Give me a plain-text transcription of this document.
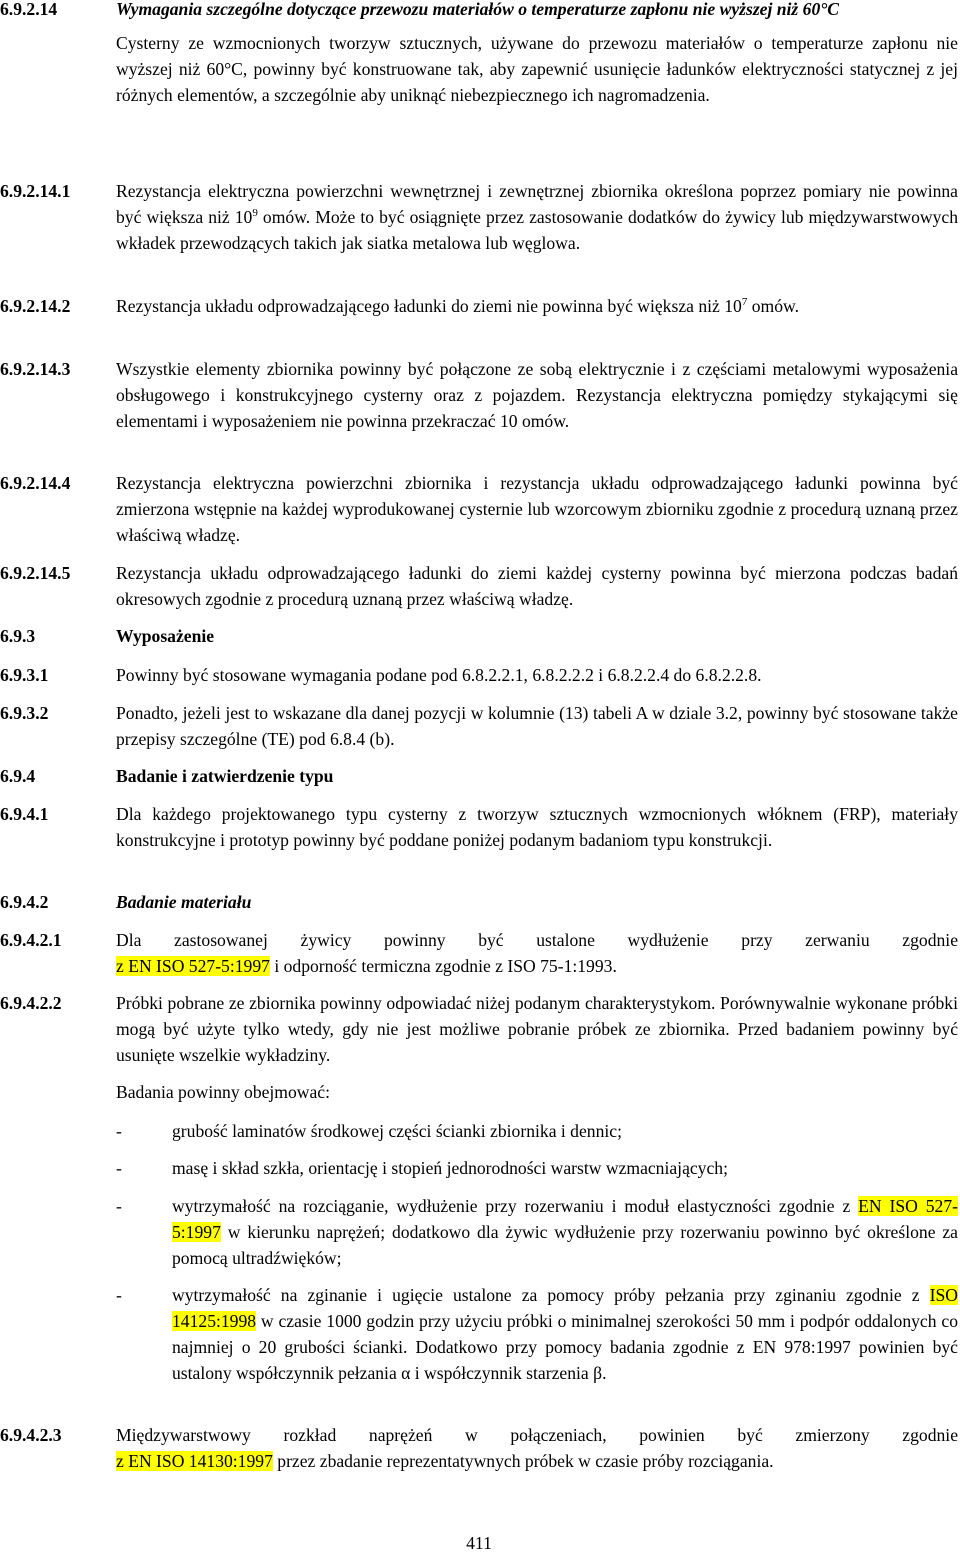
6.9.2.14	Wymagania szczególne dotyczące przewozu materiałów o temperaturze zapłonu nie wyższej niż 60°C
Cysterny ze wzmocnionych tworzyw sztucznych, używane do przewozu materiałów o temperaturze zapłonu nie wyższej niż 60°C, powinny być konstruowane tak, aby zapewnić usunięcie ładunków elektryczności statycznej z jej różnych elementów, a szczególnie aby uniknąć niebezpiecznego ich nagromadzenia.
6.9.2.14.1	Rezystancja elektryczna powierzchni wewnętrznej i zewnętrznej zbiornika określona poprzez pomiary nie powinna być większa niż $10^9$ omów. Może to być osiągnięte przez zastosowanie dodatków do żywicy lub międzywarstwowych wkładek przewodzących takich jak siatka metalowa lub węglowa.
6.9.2.14.2	Rezystancja układu odprowadzającego ładunki do ziemi nie powinna być większa niż $10^7$ omów.
6.9.2.14.3	Wszystkie elementy zbiornika powinny być połączone ze sobą elektrycznie i z częściami metalowymi wyposażenia obsługowego i konstrukcyjnego cysterny oraz z pojazdem. Rezystancja elektryczna pomiędzy stykającymi się elementami i wyposażeniem nie powinna przekraczać 10 omów.
6.9.2.14.4	Rezystancja elektryczna powierzchni zbiornika i rezystancja układu odprowadzającego ładunki powinna być zmierzona wstępnie na każdej wyprodukowanej cysternie lub wzorcowym zbiorniku zgodnie z procedurą uznaną przez właściwą władzę.
6.9.2.14.5	Rezystancja układu odprowadzającego ładunki do ziemi każdej cysterny powinna być mierzona podczas badań okresowych zgodnie z procedurą uznaną przez właściwą władzę.
6.9.3	Wyposażenie
6.9.3.1	Powinny być stosowane wymagania podane pod 6.8.2.2.1, 6.8.2.2.2 i 6.8.2.2.4 do 6.8.2.2.8.
6.9.3.2	Ponadto, jeżeli jest to wskazane dla danej pozycji w kolumnie (13) tabeli A w dziale 3.2, powinny być stosowane także przepisy szczególne (TE) pod 6.8.4 (b).
6.9.4	Badanie i zatwierdzenie typu
6.9.4.1	Dla każdego projektowanego typu cysterny z tworzyw sztucznych wzmocnionych włóknem (FRP), materiały konstrukcyjne i prototyp powinny być poddane poniżej podanym badaniom typu konstrukcji.
6.9.4.2	Badanie materiału
6.9.4.2.1	Dla zastosowanej żywicy powinny być ustalone wydłużenie przy zerwaniu zgodnie
z EN ISO 527-5:1997 i odporność termiczna zgodnie z ISO 75-1:1993.
6.9.4.2.2	Próbki pobrane ze zbiornika powinny odpowiadać niżej podanym charakterystykom. Porównywalnie wykonane próbki mogą być użyte tylko wtedy, gdy nie jest możliwe pobranie próbek ze zbiornika. Przed badaniem powinny być usunięte wszelkie wykładziny.
Badania powinny obejmować:
-	grubość laminatów środkowej części ścianki zbiornika i dennic;
-	masę i skład szkła, orientację i stopień jednorodności warstw wzmacniających;
-	wytrzymałość na rozciąganie, wydłużenie przy rozerwaniu i moduł elastyczności zgodnie z EN ISO 527-5:1997 w kierunku naprężeń; dodatkowo dla żywic wydłużenie przy rozerwaniu powinno być określone za pomocą ultradźwięków;
-	wytrzymałość na zginanie i ugięcie ustalone za pomocy próby pełzania przy zginaniu zgodnie z ISO 14125:1998 w czasie 1000 godzin przy użyciu próbki o minimalnej szerokości 50 mm i podpór oddalonych co najmniej o 20 grubości ścianki. Dodatkowo przy pomocy badania zgodnie z EN 978:1997 powinien być ustalony współczynnik pełzania α i współczynnik starzenia β.
6.9.4.2.3	Międzywarstwowy rozkład naprężeń w połączeniach, powinien być zmierzony zgodnie
z EN ISO 14130:1997 przez zbadanie reprezentatywnych próbek w czasie próby rozciągania.
411
